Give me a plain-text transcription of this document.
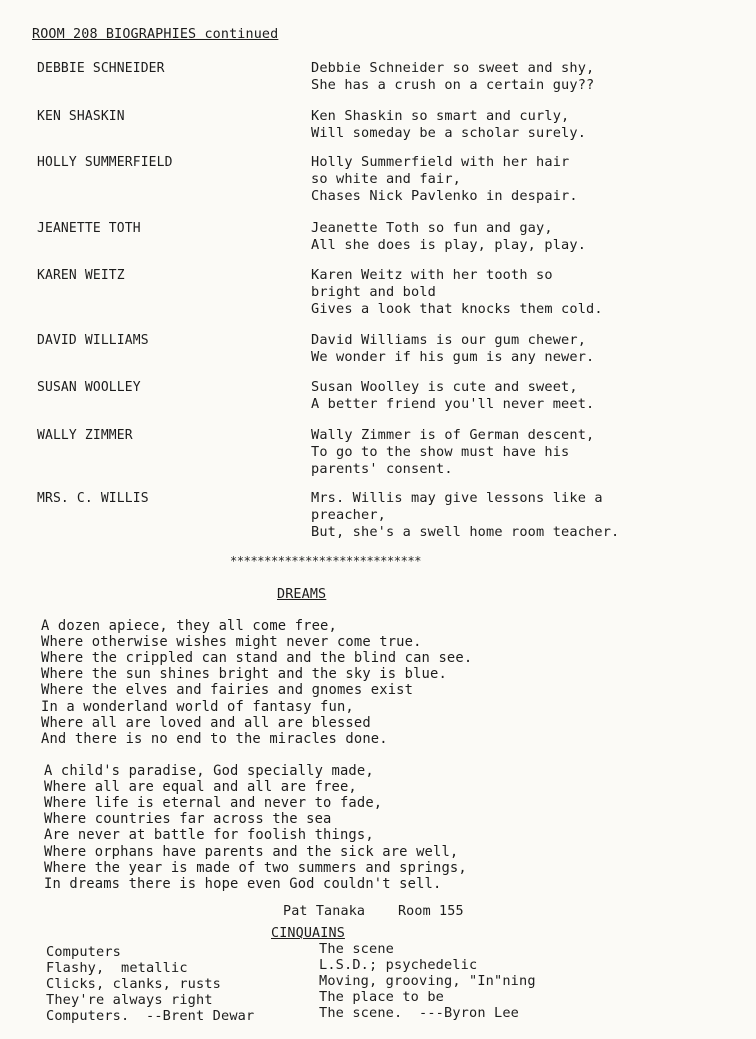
ROOM 208 BIOGRAPHIES continued
DEBBIE SCHNEIDER	Debbie Schneider so sweet and shy,
She has a crush on a certain guy??
KEN SHASKIN	Ken Shaskin so smart and curly,
Will someday be a scholar surely.
HOLLY SUMMERFIELD	Holly Summerfield with her hair
so white and fair,
Chases Nick Pavlenko in despair.
JEANETTE TOTH	Jeanette Toth so fun and gay,
All she does is play, play, play.
KAREN WEITZ	Karen Weitz with her tooth so
bright and bold
Gives a look that knocks them cold.
DAVID WILLIAMS	David Williams is our gum chewer,
We wonder if his gum is any newer.
SUSAN WOOLLEY	Susan Woolley is cute and sweet,
A better friend you'll never meet.
WALLY ZIMMER	Wally Zimmer is of German descent,
To go to the show must have his
parents' consent.
MRS. C. WILLIS	Mrs. Willis may give lessons like a
preacher,
But, she's a swell home room teacher.
****************************
DREAMS
A dozen apiece, they all come free,
Where otherwise wishes might never come true.
Where the crippled can stand and the blind can see.
Where the sun shines bright and the sky is blue.
Where the elves and fairies and gnomes exist
In a wonderland world of fantasy fun,
Where all are loved and all are blessed
And there is no end to the miracles done.
A child's paradise, God specially made,
Where all are equal and all are free,
Where life is eternal and never to fade,
Where countries far across the sea
Are never at battle for foolish things,
Where orphans have parents and the sick are well,
Where the year is made of two summers and springs,
In dreams there is hope even God couldn't sell.
Pat Tanaka    Room 155
CINQUAINS
Computers
Flashy,  metallic
Clicks, clanks, rusts
They're always right
Computers.  --Brent Dewar
The scene
L.S.D.; psychedelic
Moving, grooving, "In"ning
The place to be
The scene.  ---Byron Lee
